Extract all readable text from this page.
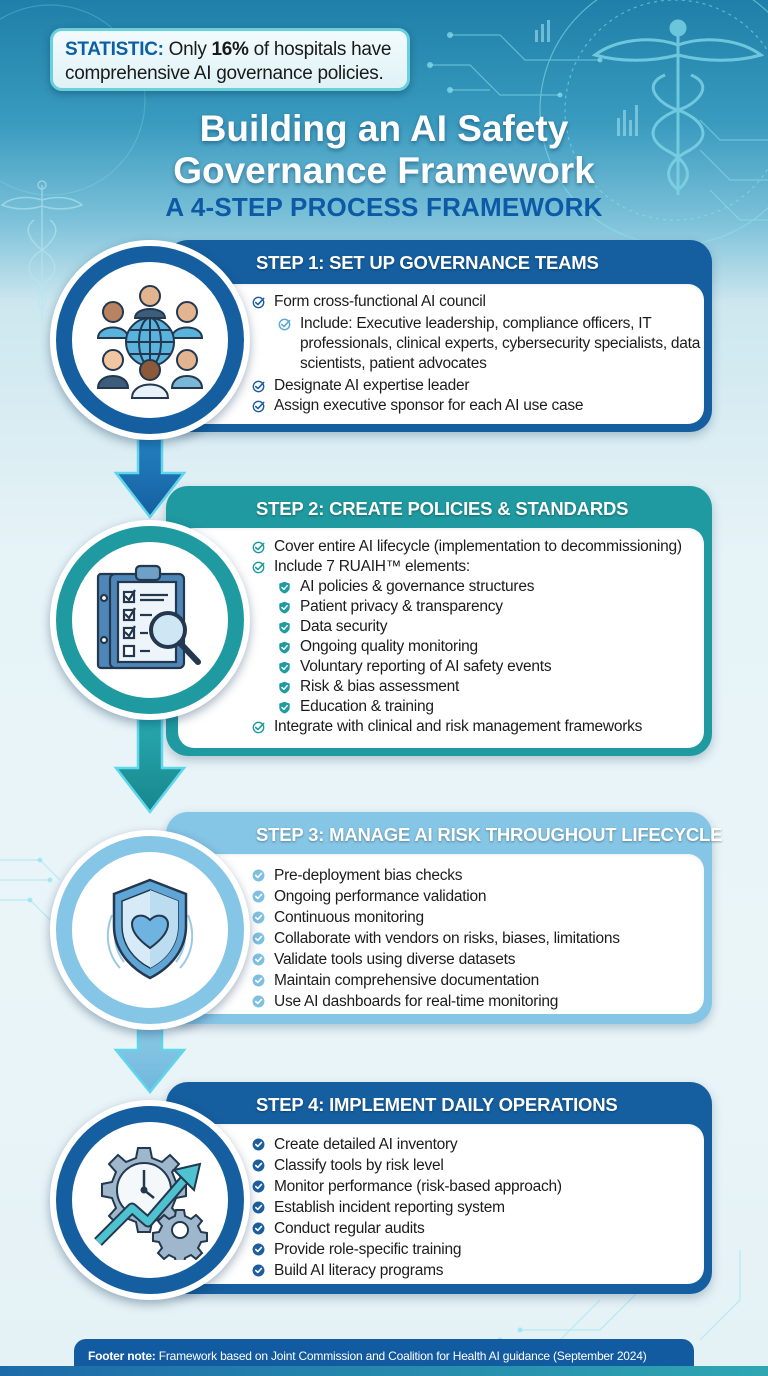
STATISTIC: Only 16% of hospitals have comprehensive AI governance policies.
Building an AI Safety
Governance Framework
A 4-STEP PROCESS FRAMEWORK
STEP 1: SET UP GOVERNANCE TEAMS
Form cross-functional AI council
Include: Executive leadership, compliance officers, IT professionals, clinical experts, cybersecurity specialists, data scientists, patient advocates
Designate AI expertise leader
Assign executive sponsor for each AI use case
STEP 2: CREATE POLICIES & STANDARDS
Cover entire AI lifecycle (implementation to decommissioning)
Include 7 RUAIH™ elements:
AI policies & governance structures
Patient privacy & transparency
Data security
Ongoing quality monitoring
Voluntary reporting of AI safety events
Risk & bias assessment
Education & training
Integrate with clinical and risk management frameworks
STEP 3: MANAGE AI RISK THROUGHOUT LIFECYCLE
Pre-deployment bias checks
Ongoing performance validation
Continuous monitoring
Collaborate with vendors on risks, biases, limitations
Validate tools using diverse datasets
Maintain comprehensive documentation
Use AI dashboards for real-time monitoring
STEP 4: IMPLEMENT DAILY OPERATIONS
Create detailed AI inventory
Classify tools by risk level
Monitor performance (risk-based approach)
Establish incident reporting system
Conduct regular audits
Provide role-specific training
Build AI literacy programs
Footer note: Framework based on Joint Commission and Coalition for Health AI guidance (September 2024)
